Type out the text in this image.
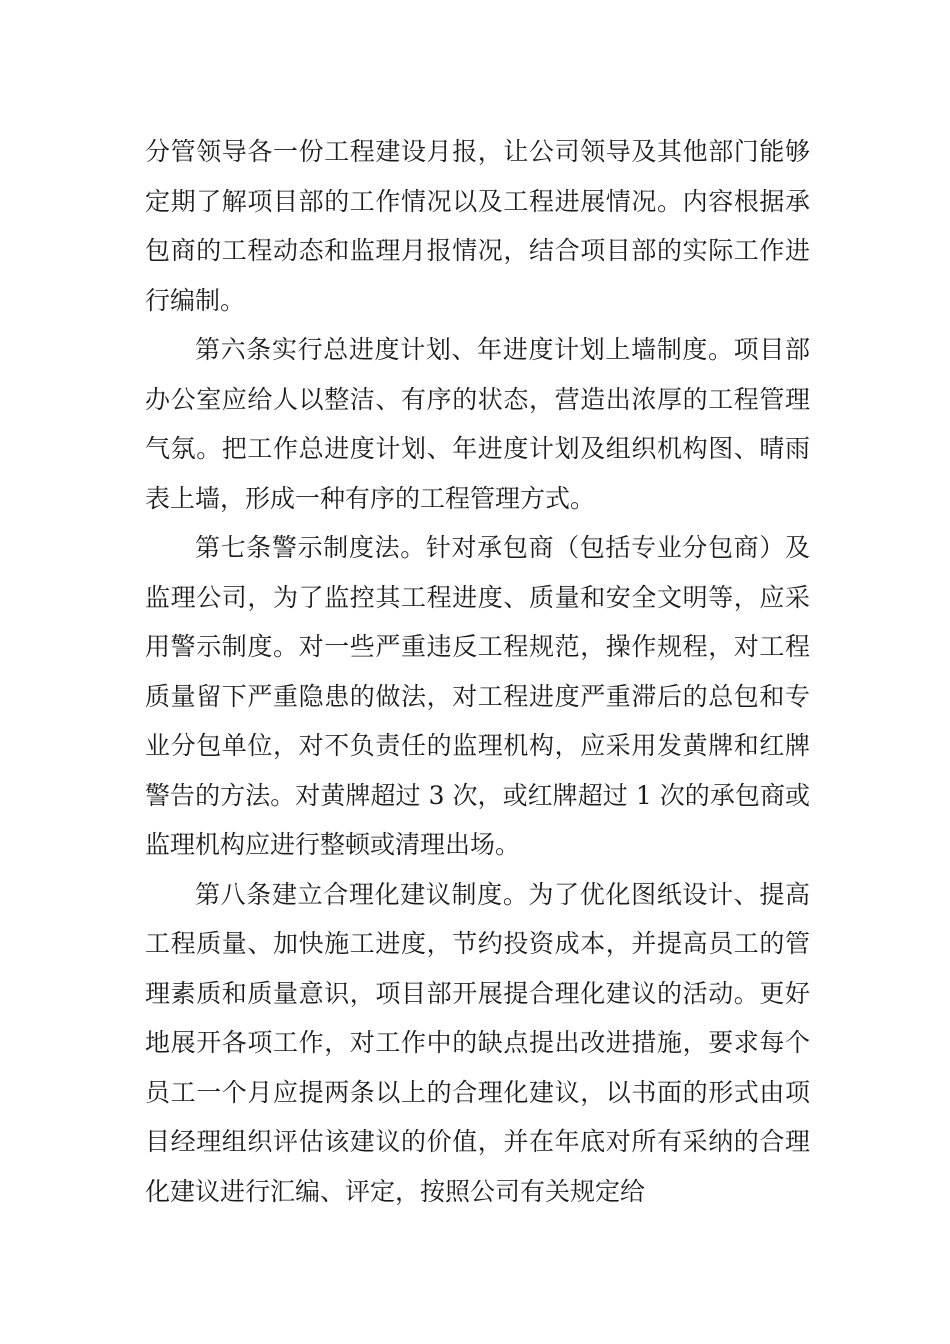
分管领导各一份工程建设月报，让公司领导及其他部门能够定期了解项目部的工作情况以及工程进展情况。内容根据承包商的工程动态和监理月报情况，结合项目部的实际工作进行编制。

第六条实行总进度计划、年进度计划上墙制度。项目部办公室应给人以整洁、有序的状态，营造出浓厚的工程管理气氛。把工作总进度计划、年进度计划及组织机构图、晴雨表上墙，形成一种有序的工程管理方式。

第七条警示制度法。针对承包商（包括专业分包商）及监理公司，为了监控其工程进度、质量和安全文明等，应采用警示制度。对一些严重违反工程规范，操作规程，对工程质量留下严重隐患的做法，对工程进度严重滞后的总包和专业分包单位，对不负责任的监理机构，应采用发黄牌和红牌警告的方法。对黄牌超过 3 次，或红牌超过 1 次的承包商或监理机构应进行整顿或清理出场。

第八条建立合理化建议制度。为了优化图纸设计、提高工程质量、加快施工进度，节约投资成本，并提高员工的管理素质和质量意识，项目部开展提合理化建议的活动。更好地展开各项工作，对工作中的缺点提出改进措施，要求每个员工一个月应提两条以上的合理化建议，以书面的形式由项目经理组织评估该建议的价值，并在年底对所有采纳的合理化建议进行汇编、评定，按照公司有关规定给
